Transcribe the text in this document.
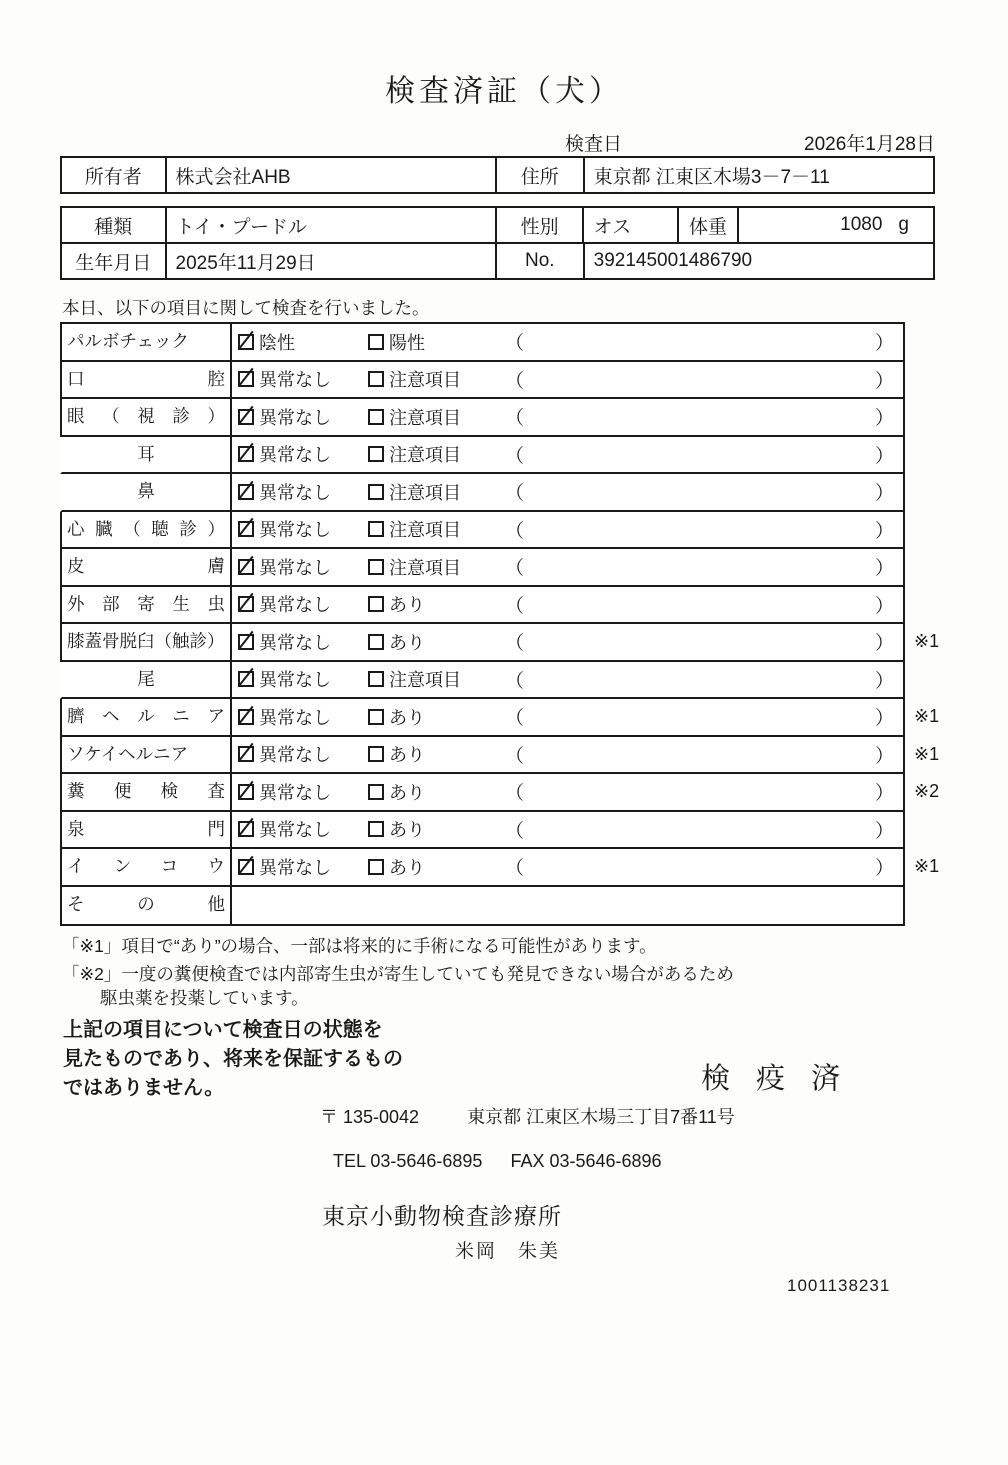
検査済証（犬）
検査日	2026年1月28日
所有者	株式会社AHB	住所	東京都 江東区木場3－7－11
種類	トイ・プードル	性別	オス	体重	1080 g
生年月日	2025年11月29日	No.	392145001486790
本日、以下の項目に関して検査を行いました。
パルボチェック	陰性	陽性	（	）
口腔	異常なし	注意項目 （	）
眼（視診）	異常なし	注意項目 （	）
耳	異常なし	注意項目 （	）
鼻	異常なし	注意項目 （	）
心臓（聴診）	異常なし	注意項目 （	）
皮膚	異常なし	注意項目 （	）
外部寄生虫	異常なし	あり	（	）
膝蓋骨脱臼（触診）	異常なし	あり	（	） ※1
尾	異常なし	注意項目 （	）
臍ヘルニア	異常なし	あり	（	） ※1
ソケイヘルニア	異常なし	あり	（	） ※1
糞便検査	異常なし	あり	（	） ※2
泉門	異常なし	あり	（	）
インコウ	異常なし	あり	（	） ※1
その他
「※1」項目で“あり”の場合、一部は将来的に手術になる可能性があります。
「※2」一度の糞便検査では内部寄生虫が寄生していても発見できない場合があるため
駆虫薬を投薬しています。
上記の項目について検査日の状態を
見たものであり、将来を保証するもの
ではありません。	検 疫 済
〒 135-0042	東京都 江東区木場三丁目7番11号
TEL 03-5646-6895 FAX 03-5646-6896
東京小動物検査診療所
米岡　朱美
1001138231
